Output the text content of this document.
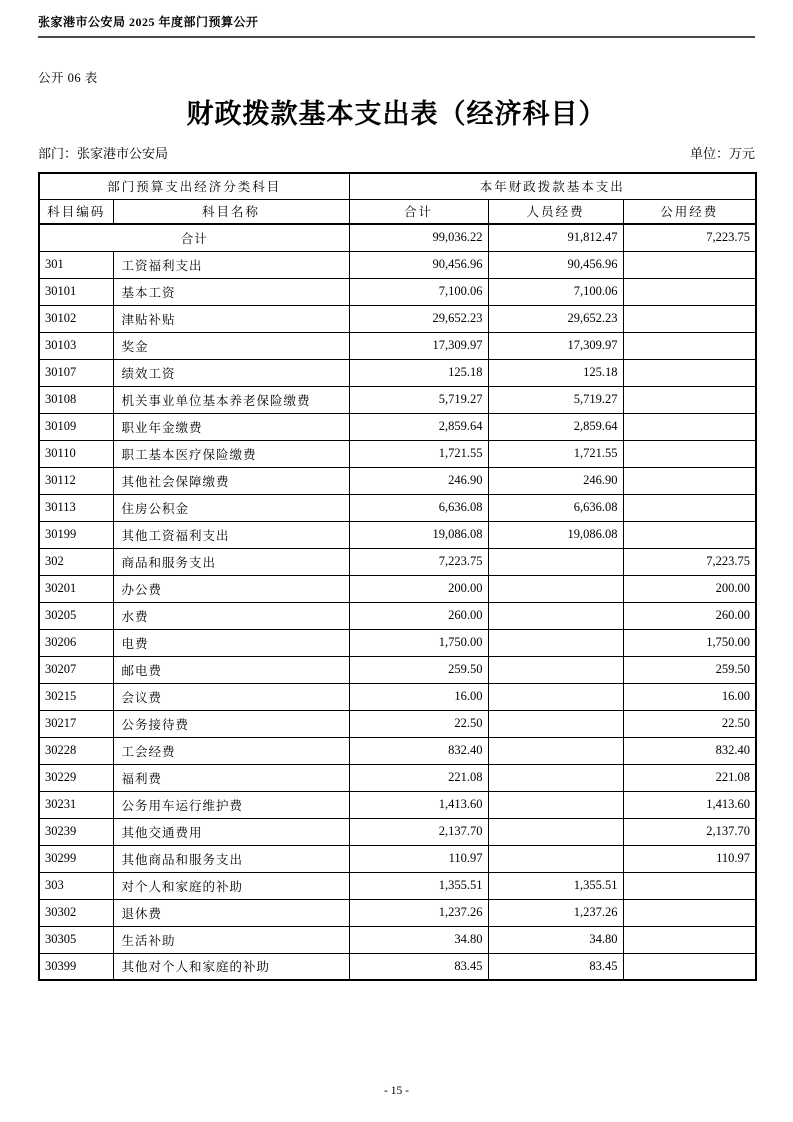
张家港市公安局 2025 年度部门预算公开
公开 06 表
财政拨款基本支出表（经济科目）
部门：张家港市公安局	单位：万元
部门预算支出经济分类科目		本年财政拨款基本支出		
科目编码	科目名称	合计	人员经费	公用经费
合计		99,036.22	91,812.47	7,223.75
301	工资福利支出	90,456.96	90,456.96	
30101	基本工资	7,100.06	7,100.06	
30102	津贴补贴	29,652.23	29,652.23	
30103	奖金	17,309.97	17,309.97	
30107	绩效工资	125.18	125.18	
30108	机关事业单位基本养老保险缴费	5,719.27	5,719.27	
30109	职业年金缴费	2,859.64	2,859.64	
30110	职工基本医疗保险缴费	1,721.55	1,721.55	
30112	其他社会保障缴费	246.90	246.90	
30113	住房公积金	6,636.08	6,636.08	
30199	其他工资福利支出	19,086.08	19,086.08	
302	商品和服务支出	7,223.75		7,223.75
30201	办公费	200.00		200.00
30205	水费	260.00		260.00
30206	电费	1,750.00		1,750.00
30207	邮电费	259.50		259.50
30215	会议费	16.00		16.00
30217	公务接待费	22.50		22.50
30228	工会经费	832.40		832.40
30229	福利费	221.08		221.08
30231	公务用车运行维护费	1,413.60		1,413.60
30239	其他交通费用	2,137.70		2,137.70
30299	其他商品和服务支出	110.97		110.97
303	对个人和家庭的补助	1,355.51	1,355.51	
30302	退休费	1,237.26	1,237.26	
30305	生活补助	34.80	34.80	
30399	其他对个人和家庭的补助	83.45	83.45	
- 15 -
